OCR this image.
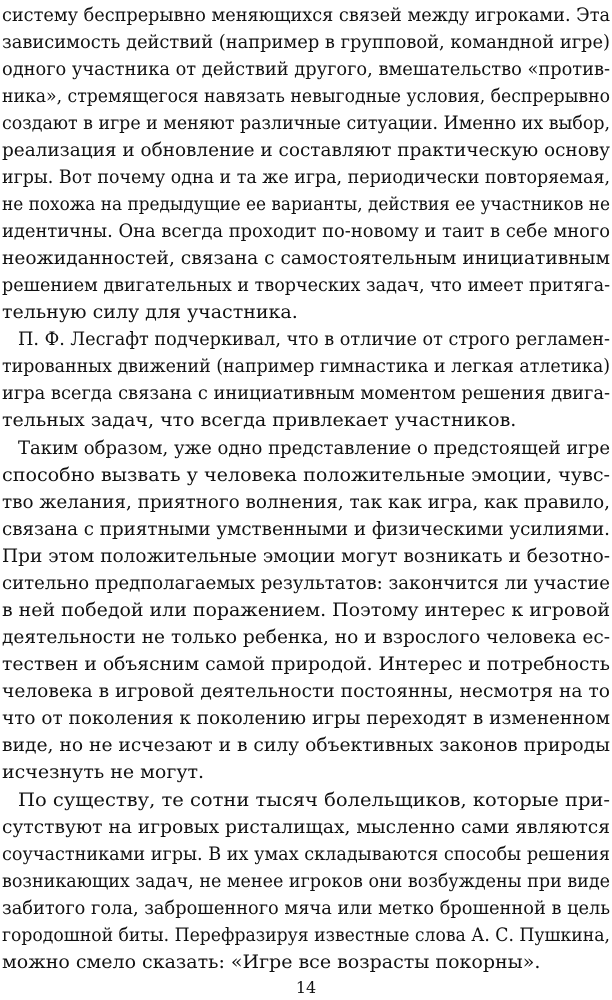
систему беспрерывно меняющихся связей между игроками. Эта
зависимость действий (например в групповой, командной игре)
одного участника от действий другого, вмешательство «против-
ника», стремящегося навязать невыгодные условия, беспрерывно
создают в игре и меняют различные ситуации. Именно их выбор,
реализация и обновление и составляют практическую основу
игры. Вот почему одна и та же игра, периодически повторяемая,
не похожа на предыдущие ее варианты, действия ее участников не
идентичны. Она всегда проходит по-новому и таит в себе много
неожиданностей, связана с самостоятельным инициативным
решением двигательных и творческих задач, что имеет притяга-
тельную силу для участника.
П. Ф. Лесгафт подчеркивал, что в отличие от строго регламен-
тированных движений (например гимнастика и легкая атлетика)
игра всегда связана с инициативным моментом решения двига-
тельных задач, что всегда привлекает участников.
Таким образом, уже одно представление о предстоящей игре
способно вызвать у человека положительные эмоции, чувс-
тво желания, приятного волнения, так как игра, как правило,
связана с приятными умственными и физическими усилиями.
При этом положительные эмоции могут возникать и безотно-
сительно предполагаемых результатов: закончится ли участие
в ней победой или поражением. Поэтому интерес к игровой
деятельности не только ребенка, но и взрослого человека ес-
тествен и объясним самой природой. Интерес и потребность
человека в игровой деятельности постоянны, несмотря на то
что от поколения к поколению игры переходят в измененном
виде, но не исчезают и в силу объективных законов природы
исчезнуть не могут.
По существу, те сотни тысяч болельщиков, которые при-
сутствуют на игровых ристалищах, мысленно сами являются
соучастниками игры. В их умах складываются способы решения
возникающих задач, не менее игроков они возбуждены при виде
забитого гола, заброшенного мяча или метко брошенной в цель
городошной биты. Перефразируя известные слова А. С. Пушкина,
можно смело сказать: «Игре все возрасты покорны».
14
